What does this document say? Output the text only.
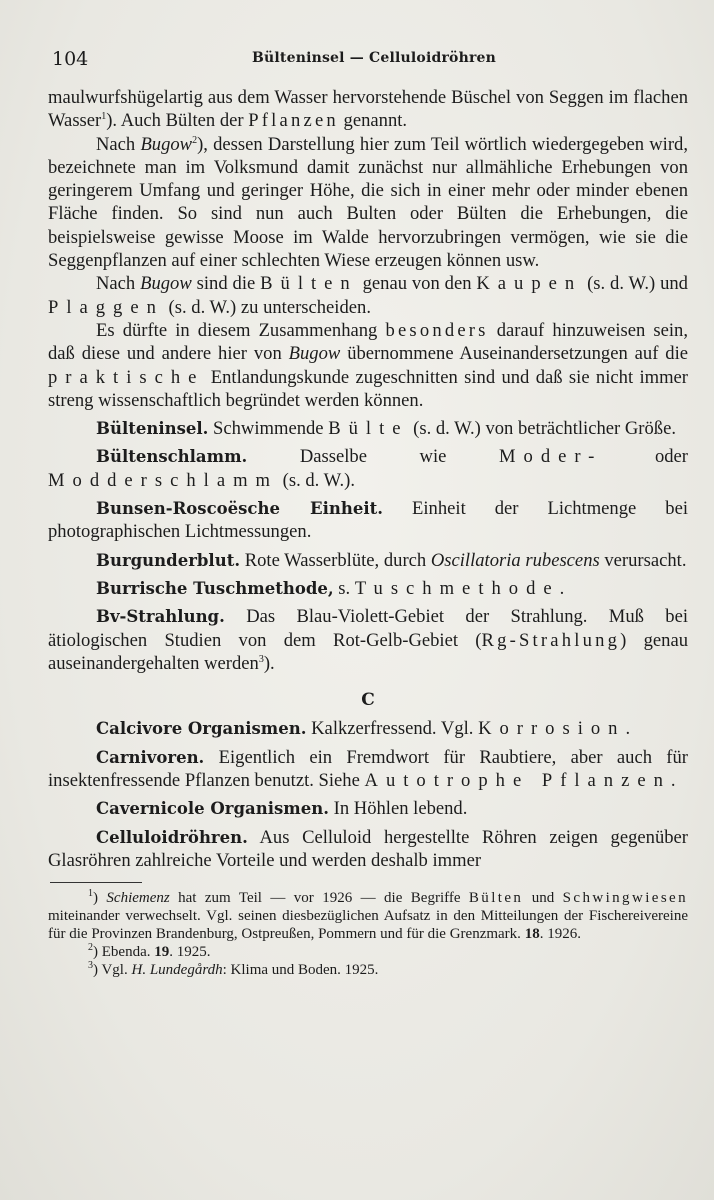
104	Bülteninsel — Celluloidröhren

maulwurfshügelartig aus dem Wasser hervorstehende Büschel von Seggen im flachen Wasser$^1$). Auch Bülten der Pflanzen genannt.

Nach Bugow$^2$), dessen Darstellung hier zum Teil wörtlich wiedergegeben wird, bezeichnete man im Volksmund damit zunächst nur allmähliche Erhebungen von geringerem Umfang und geringer Höhe, die sich in einer mehr oder minder ebenen Fläche finden. So sind nun auch Bulten oder Bülten die Erhebungen, die beispielsweise gewisse Moose im Walde hervorzubringen vermögen, wie sie die Seggenpflanzen auf einer schlechten Wiese erzeugen können usw.

Nach Bugow sind die Bülten genau von den Kaupen (s. d. W.) und Plaggen (s. d. W.) zu unterscheiden.

Es dürfte in diesem Zusammenhang besonders darauf hinzuweisen sein, daß diese und andere hier von Bugow übernommene Auseinandersetzungen auf die praktische Entlandungskunde zugeschnitten sind und daß sie nicht immer streng wissenschaftlich begründet werden können.

Bülteninsel. Schwimmende Bülte (s. d. W.) von beträchtlicher Größe.

Bültenschlamm. Dasselbe wie Moder- oder Modderschlamm (s. d. W.).

Bunsen-Roscoësche Einheit. Einheit der Lichtmenge bei photographischen Lichtmessungen.

Burgunderblut. Rote Wasserblüte, durch Oscillatoria rubescens verursacht.

Burrische Tuschmethode, s. Tuschmethode.

Bv-Strahlung. Das Blau-Violett-Gebiet der Strahlung. Muß bei ätiologischen Studien von dem Rot-Gelb-Gebiet (Rg-Strahlung) genau auseinandergehalten werden$^3$).

C

Calcivore Organismen. Kalkzerfressend. Vgl. Korrosion.

Carnivoren. Eigentlich ein Fremdwort für Raubtiere, aber auch für insektenfressende Pflanzen benutzt. Siehe Autotrophe Pflanzen.

Cavernicole Organismen. In Höhlen lebend.

Celluloidröhren. Aus Celluloid hergestellte Röhren zeigen gegenüber Glasröhren zahlreiche Vorteile und werden deshalb immer

$^1$) Schiemenz hat zum Teil — vor 1926 — die Begriffe Bülten und Schwingwiesen miteinander verwechselt. Vgl. seinen diesbezüglichen Aufsatz in den Mitteilungen der Fischereivereine für die Provinzen Brandenburg, Ostpreußen, Pommern und für die Grenzmark. 18. 1926.

$^2$) Ebenda. 19. 1925.

$^3$) Vgl. H. Lundegårdh: Klima und Boden. 1925.
